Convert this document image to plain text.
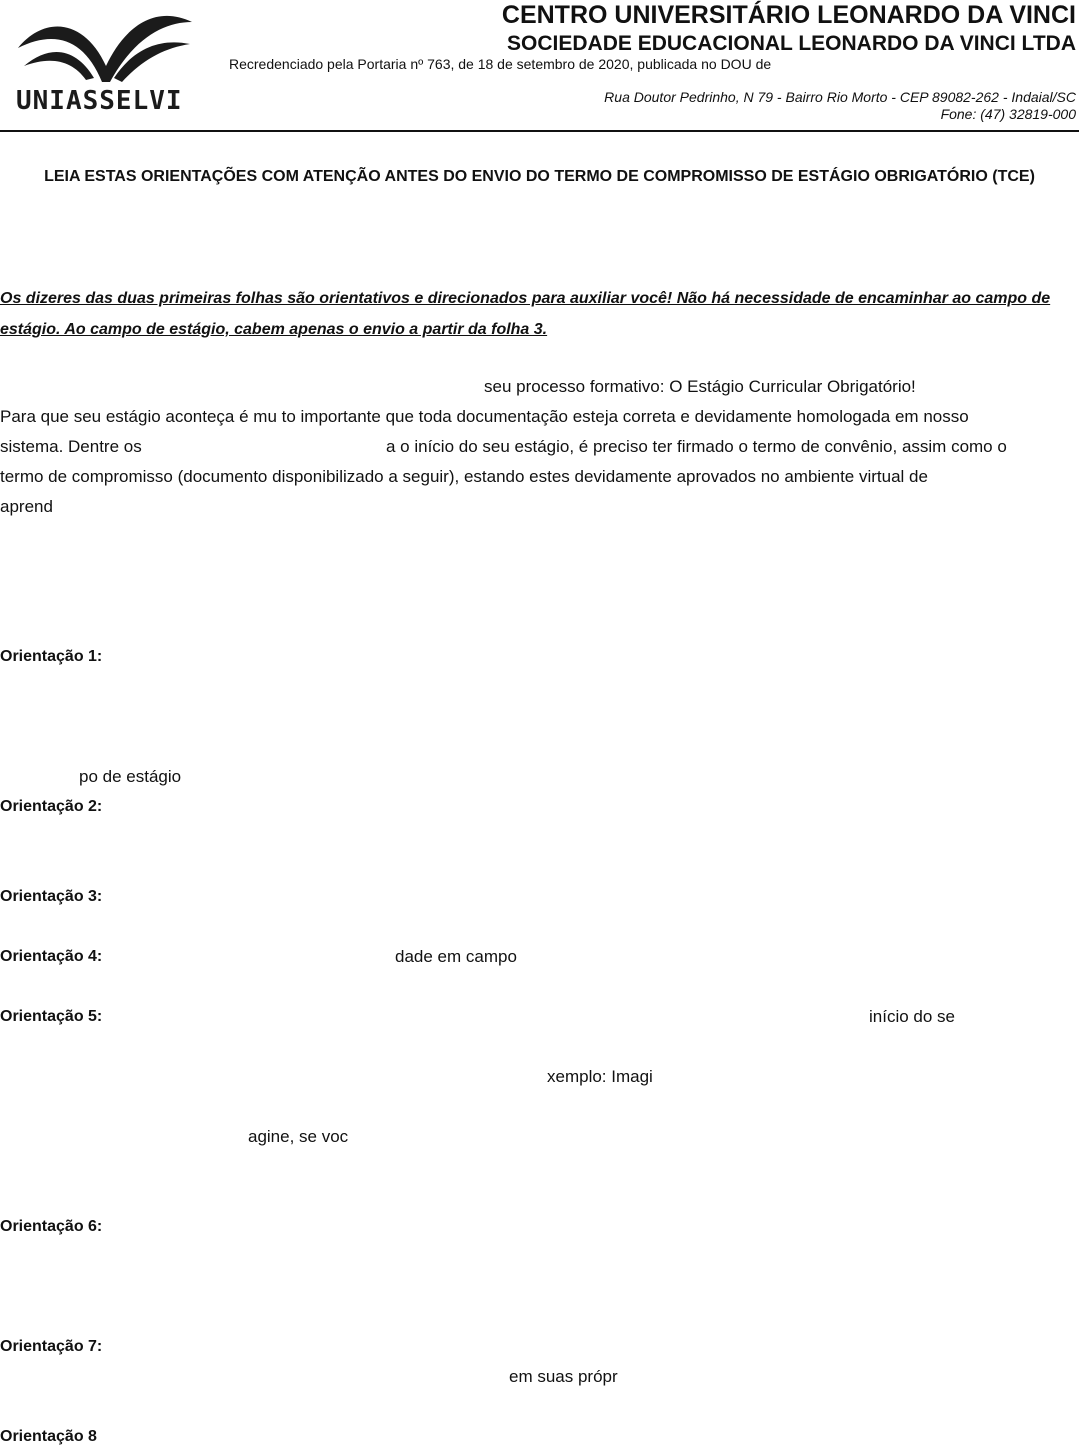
UNIASSELVI
CENTRO UNIVERSITÁRIO LEONARDO DA VINCI
SOCIEDADE EDUCACIONAL LEONARDO DA VINCI LTDA
Recredenciado pela Portaria nº 763, de 18 de setembro de 2020, publicada no DOU de
Rua Doutor Pedrinho, N 79 - Bairro Rio Morto - CEP 89082-262 - Indaial/SC
Fone: (47) 32819-000
LEIA ESTAS ORIENTAÇÕES COM ATENÇÃO ANTES DO ENVIO DO TERMO DE COMPROMISSO DE ESTÁGIO OBRIGATÓRIO (TCE)
Os dizeres das duas primeiras folhas são orientativos e direcionados para auxiliar você! Não há necessidade de encaminhar ao campo de estágio. Ao campo de estágio, cabem apenas o envio a partir da folha 3.
seu processo formativo: O Estágio Curricular Obrigatório!
Para que seu estágio aconteça é mu to importante que toda documentação esteja correta e devidamente homologada em nosso
sistema. Dentre os	a o início do seu estágio, é preciso ter firmado o termo de convênio, assim como o
termo de compromisso (documento disponibilizado a seguir), estando estes devidamente aprovados no ambiente virtual de
aprend
Orientação 1:
po de estágio
Orientação 2:
Orientação 3:
Orientação 4:	dade em campo
Orientação 5:	início do se
xemplo: Imagi
agine, se voc
Orientação 6:
Orientação 7:
em suas própr
Orientação 8
